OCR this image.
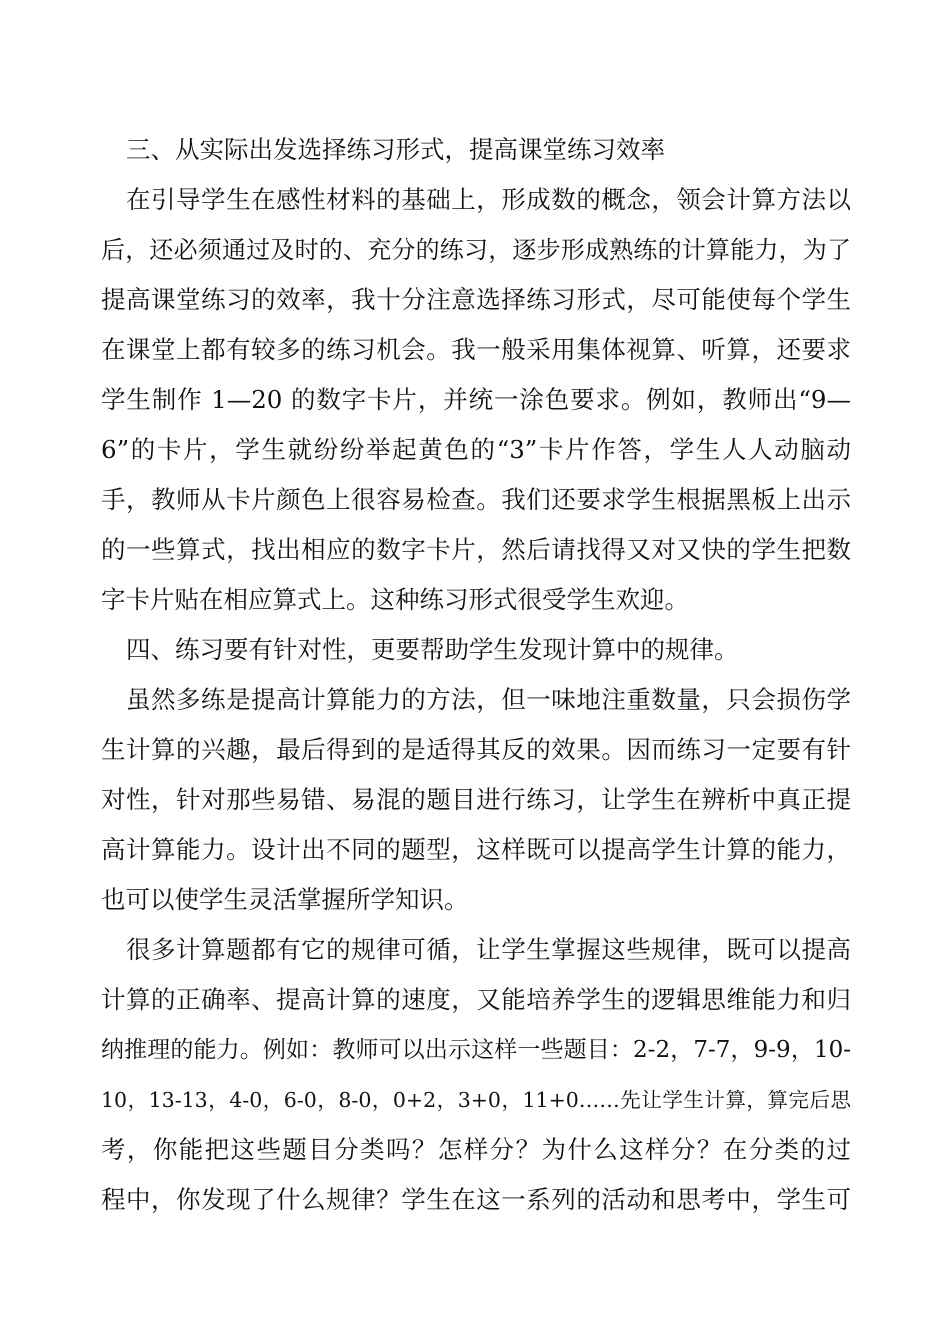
三、从实际出发选择练习形式，提高课堂练习效率
在引导学生在感性材料的基础上，形成数的概念，领会计算方法以
后，还必须通过及时的、充分的练习，逐步形成熟练的计算能力，为了
提高课堂练习的效率，我十分注意选择练习形式，尽可能使每个学生
在课堂上都有较多的练习机会。我一般采用集体视算、听算，还要求
学生制作 1—20 的数字卡片，并统一涂色要求。例如，教师出“9—
6”的卡片，学生就纷纷举起黄色的“3”卡片作答，学生人人动脑动
手，教师从卡片颜色上很容易检查。我们还要求学生根据黑板上出示
的一些算式，找出相应的数字卡片，然后请找得又对又快的学生把数
字卡片贴在相应算式上。这种练习形式很受学生欢迎。
四、练习要有针对性，更要帮助学生发现计算中的规律。
虽然多练是提高计算能力的方法，但一味地注重数量，只会损伤学
生计算的兴趣，最后得到的是适得其反的效果。因而练习一定要有针
对性，针对那些易错、易混的题目进行练习，让学生在辨析中真正提
高计算能力。设计出不同的题型，这样既可以提高学生计算的能力，
也可以使学生灵活掌握所学知识。
很多计算题都有它的规律可循，让学生掌握这些规律，既可以提高
计算的正确率、提高计算的速度，又能培养学生的逻辑思维能力和归
纳推理的能力。例如：教师可以出示这样一些题目：2-2，7-7，9-9，10-
10，13-13，4-0，6-0，8-0，0+2，3+0，11+0……先让学生计算，算完后思
考，你能把这些题目分类吗？怎样分？为什么这样分？在分类的过
程中，你发现了什么规律？学生在这一系列的活动和思考中，学生可
